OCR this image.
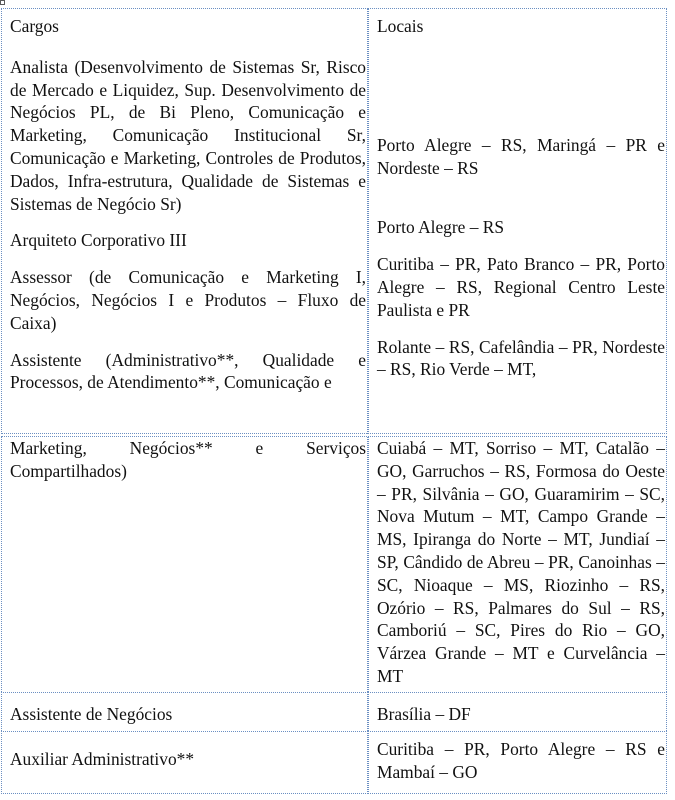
Cargos

Analista (Desenvolvimento de Sistemas Sr, Risco de Mercado e Liquidez, Sup. Desenvolvimento de Negócios PL, de Bi Pleno, Comunicação e Marketing, Comunicação Institucional Sr, Comunicação e Marketing, Controles de Produtos, Dados, Infra-estrutura, Qualidade de Sistemas e Sistemas de Negócio Sr)

Arquiteto Corporativo III

Assessor (de Comunicação e Marketing I, Negócios, Negócios I e Produtos – Fluxo de Caixa)

Assistente (Administrativo**, Qualidade e Processos, de Atendimento**, Comunicação e

Locais

Porto Alegre – RS, Maringá – PR e Nordeste – RS

Porto Alegre – RS

Curitiba – PR, Pato Branco – PR, Porto Alegre – RS, Regional Centro Leste Paulista e PR

Rolante – RS, Cafelândia – PR, Nordeste – RS, Rio Verde – MT,

Marketing, Negócios** e Serviços
Compartilhados)

Cuiabá – MT, Sorriso – MT, Catalão – GO, Garruchos – RS, Formosa do Oeste – PR, Silvânia – GO, Guaramirim – SC, Nova Mutum – MT, Campo Grande – MS, Ipiranga do Norte – MT, Jundiaí – SP, Cândido de Abreu – PR, Canoinhas – SC, Nioaque – MS, Riozinho – RS, Ozório – RS, Palmares do Sul – RS, Camboriú – SC, Pires do Rio – GO, Várzea Grande – MT e Curvelância – MT

Assistente de Negócios	Brasília – DF

Auxiliar Administrativo**	Curitiba – PR, Porto Alegre – RS e Mambaí – GO
